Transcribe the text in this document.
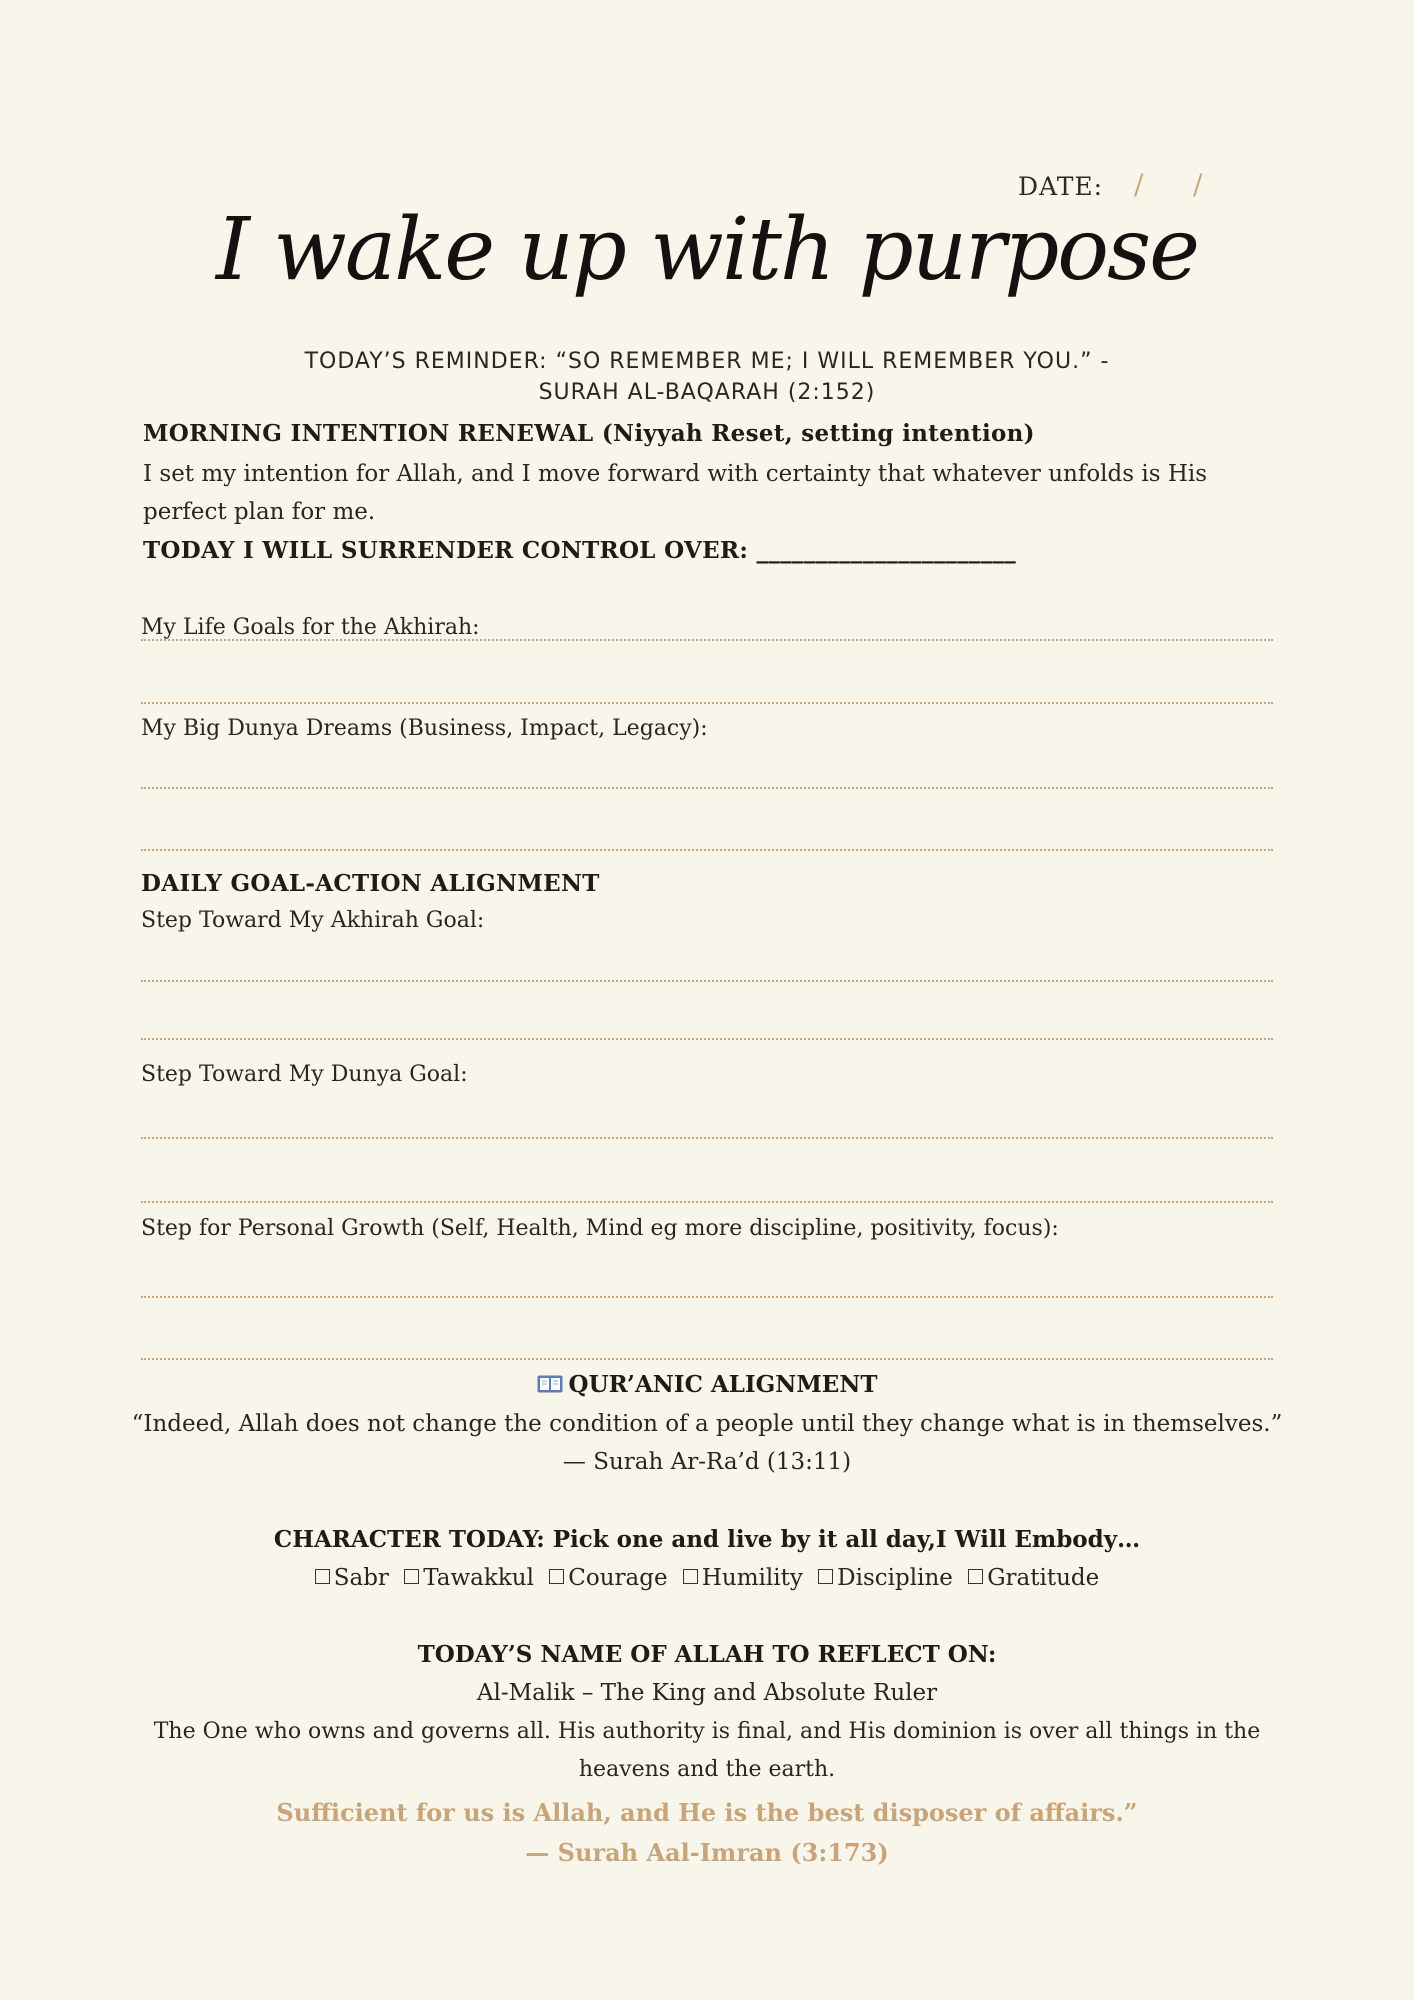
DATE: / /
I wake up with purpose
TODAY’S REMINDER: “SO REMEMBER ME; I WILL REMEMBER YOU.” -
SURAH AL-BAQARAH (2:152)
MORNING INTENTION RENEWAL (Niyyah Reset, setting intention)
I set my intention for Allah, and I move forward with certainty that whatever unfolds is His perfect plan for me.
TODAY I WILL SURRENDER CONTROL OVER: ______________________
My Life Goals for the Akhirah:
My Big Dunya Dreams (Business, Impact, Legacy):
DAILY GOAL-ACTION ALIGNMENT
Step Toward My Akhirah Goal:
Step Toward My Dunya Goal:
Step for Personal Growth (Self, Health, Mind eg more discipline, positivity, focus):
QUR’ANIC ALIGNMENT
“Indeed, Allah does not change the condition of a people until they change what is in themselves.”
— Surah Ar-Ra’d (13:11)
CHARACTER TODAY: Pick one and live by it all day,I Will Embody…
Sabr Tawakkul Courage Humility Discipline Gratitude
TODAY’S NAME OF ALLAH TO REFLECT ON:
Al-Malik – The King and Absolute Ruler
The One who owns and governs all. His authority is final, and His dominion is over all things in the
heavens and the earth.
Sufficient for us is Allah, and He is the best disposer of affairs.”
— Surah Aal-Imran (3:173)
